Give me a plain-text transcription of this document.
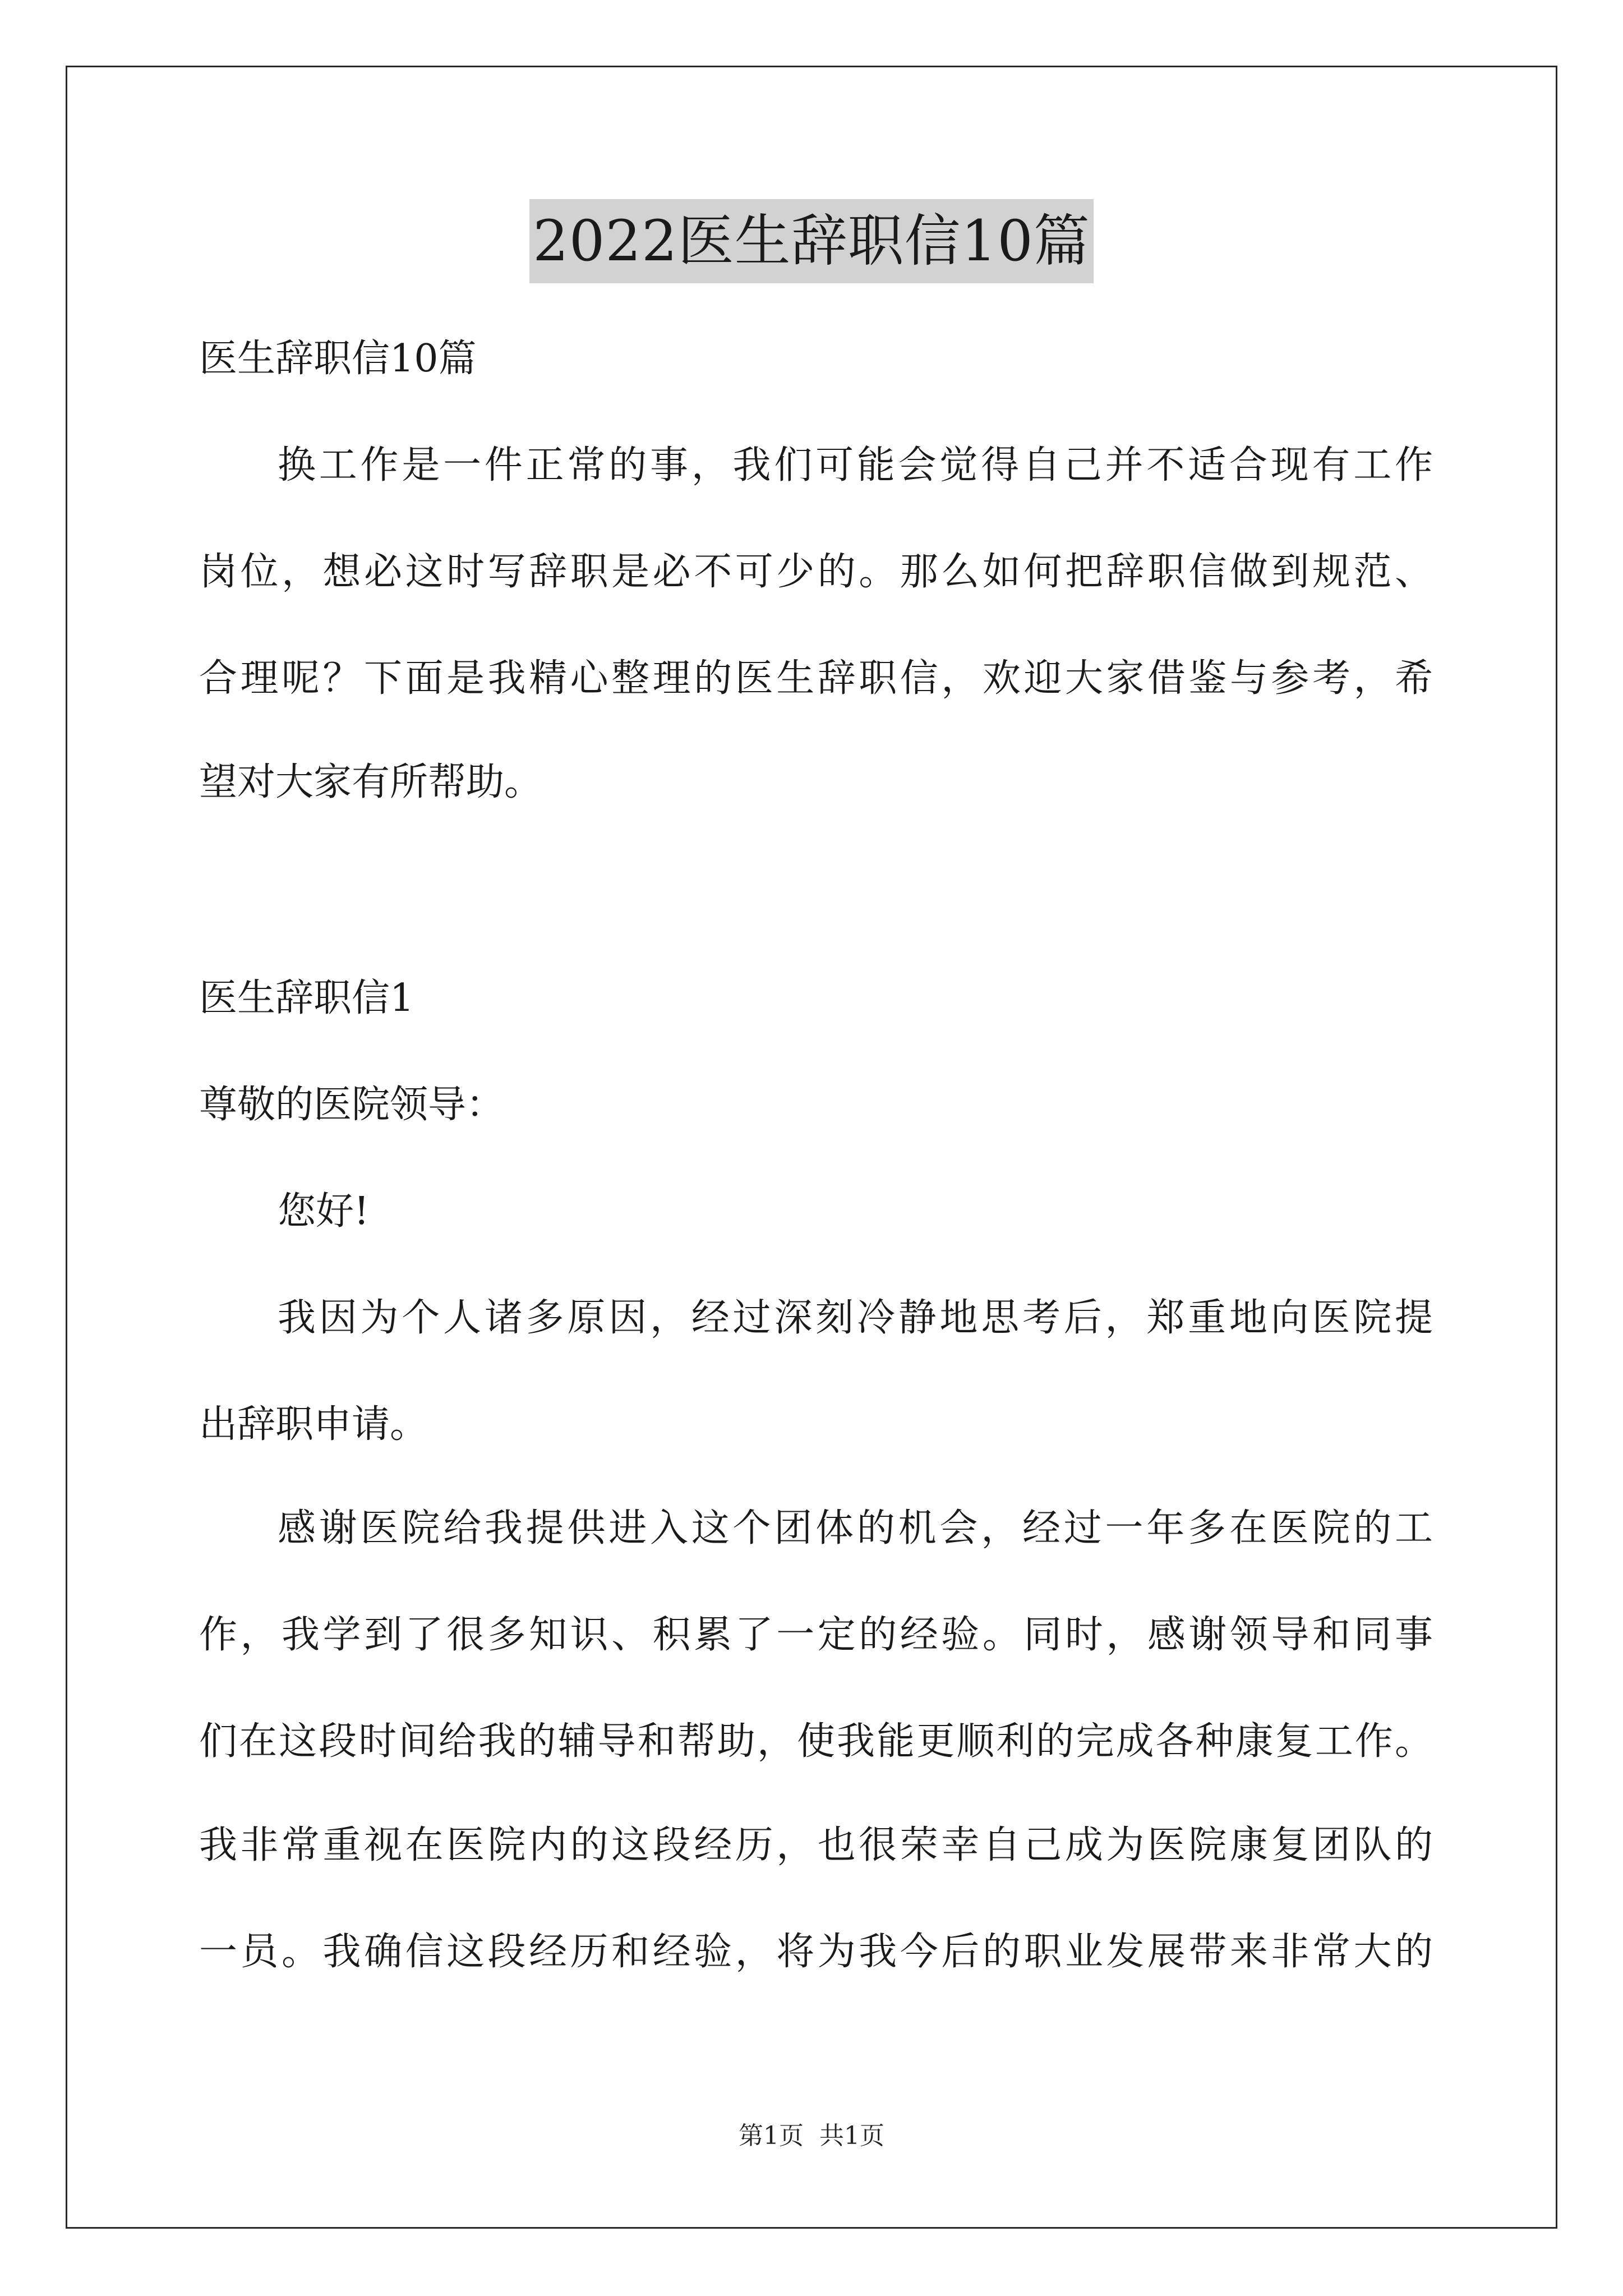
2022医生辞职信10篇
医生辞职信10篇
换工作是一件正常的事，我们可能会觉得自己并不适合现有工作
岗位，想必这时写辞职是必不可少的。那么如何把辞职信做到规范、
合理呢？下面是我精心整理的医生辞职信，欢迎大家借鉴与参考，希
望对大家有所帮助。
医生辞职信1
尊敬的医院领导：
您好!
我因为个人诸多原因，经过深刻冷静地思考后，郑重地向医院提
出辞职申请。
感谢医院给我提供进入这个团体的机会，经过一年多在医院的工
作，我学到了很多知识、积累了一定的经验。同时，感谢领导和同事
们在这段时间给我的辅导和帮助，使我能更顺利的完成各种康复工作。
我非常重视在医院内的这段经历，也很荣幸自己成为医院康复团队的
一员。我确信这段经历和经验，将为我今后的职业发展带来非常大的
第1页 共1页
